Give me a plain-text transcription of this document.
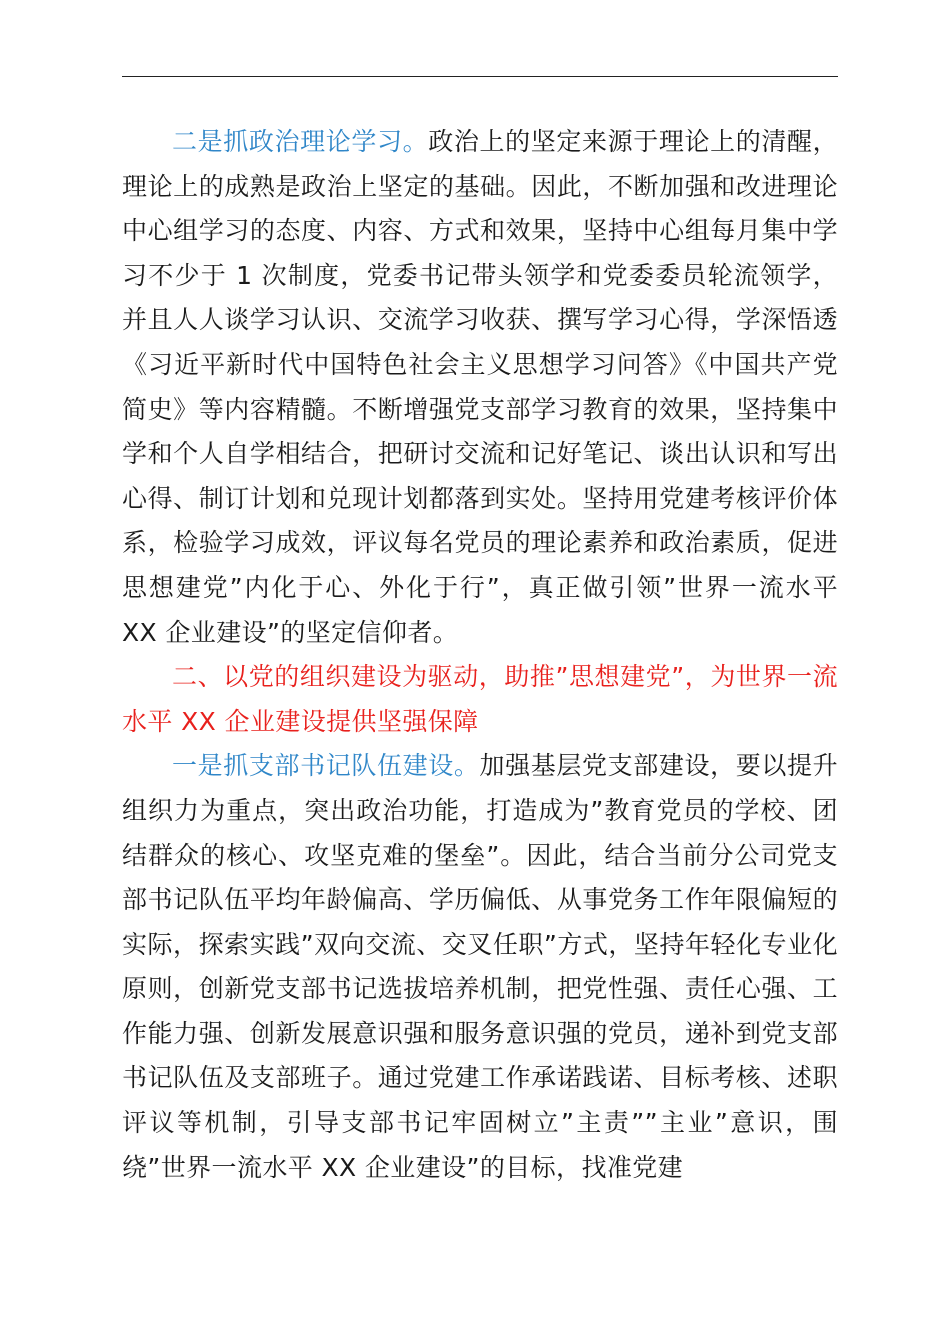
二是抓政治理论学习。政治上的坚定来源于理论上的清醒，理论上的成熟是政治上坚定的基础。因此，不断加强和改进理论中心组学习的态度、内容、方式和效果，坚持中心组每月集中学习不少于 1 次制度，党委书记带头领学和党委委员轮流领学，并且人人谈学习认识、交流学习收获、撰写学习心得，学深悟透《习近平新时代中国特色社会主义思想学习问答》《中国共产党简史》等内容精髓。不断增强党支部学习教育的效果，坚持集中学和个人自学相结合，把研讨交流和记好笔记、谈出认识和写出心得、制订计划和兑现计划都落到实处。坚持用党建考核评价体系，检验学习成效，评议每名党员的理论素养和政治素质，促进思想建党”内化于心、外化于行”，真正做引领”世界一流水平 XX 企业建设”的坚定信仰者。

二、以党的组织建设为驱动，助推”思想建党”，为世界一流水平 XX 企业建设提供坚强保障

一是抓支部书记队伍建设。加强基层党支部建设，要以提升组织力为重点，突出政治功能，打造成为”教育党员的学校、团结群众的核心、攻坚克难的堡垒”。因此，结合当前分公司党支部书记队伍平均年龄偏高、学历偏低、从事党务工作年限偏短的实际，探索实践”双向交流、交叉任职”方式，坚持年轻化专业化原则，创新党支部书记选拔培养机制，把党性强、责任心强、工作能力强、创新发展意识强和服务意识强的党员，递补到党支部书记队伍及支部班子。通过党建工作承诺践诺、目标考核、述职评议等机制，引导支部书记牢固树立”主责””主业”意识，围绕”世界一流水平 XX 企业建设”的目标，找准党建
